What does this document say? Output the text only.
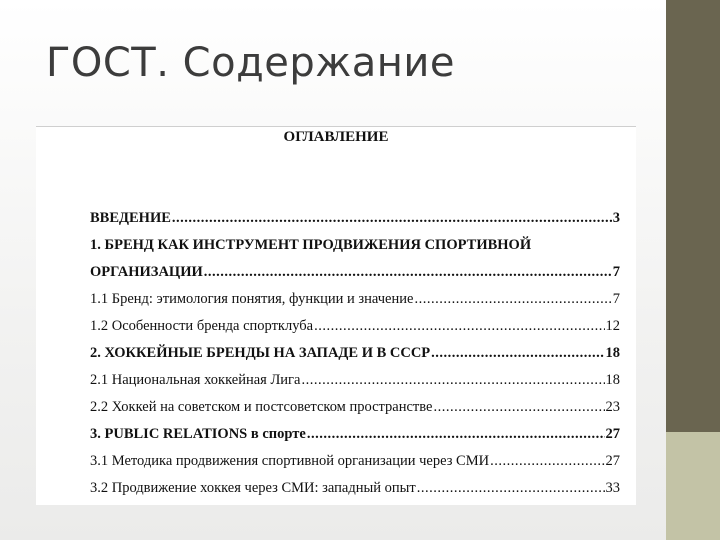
ГОСТ. Содержание
ОГЛАВЛЕНИЕ
ВВЕДЕНИЕ .....	3
1. БРЕНД КАК ИНСТРУМЕНТ ПРОДВИЖЕНИЯ СПОРТИВНОЙ
ОРГАНИЗАЦИИ .....	7
1.1 Бренд: этимология понятия, функции и значение .....	7
1.2 Особенности бренда спортклуба .....	12
2. ХОККЕЙНЫЕ БРЕНДЫ НА ЗАПАДЕ И В СССР .....	18
2.1 Национальная хоккейная Лига .....	18
2.2 Хоккей на советском и постсоветском пространстве .....	23
3. PUBLIC RELATIONS в спорте .....	27
3.1 Методика продвижения спортивной организации через СМИ .....	27
3.2 Продвижение хоккея через СМИ: западный опыт .....	33
